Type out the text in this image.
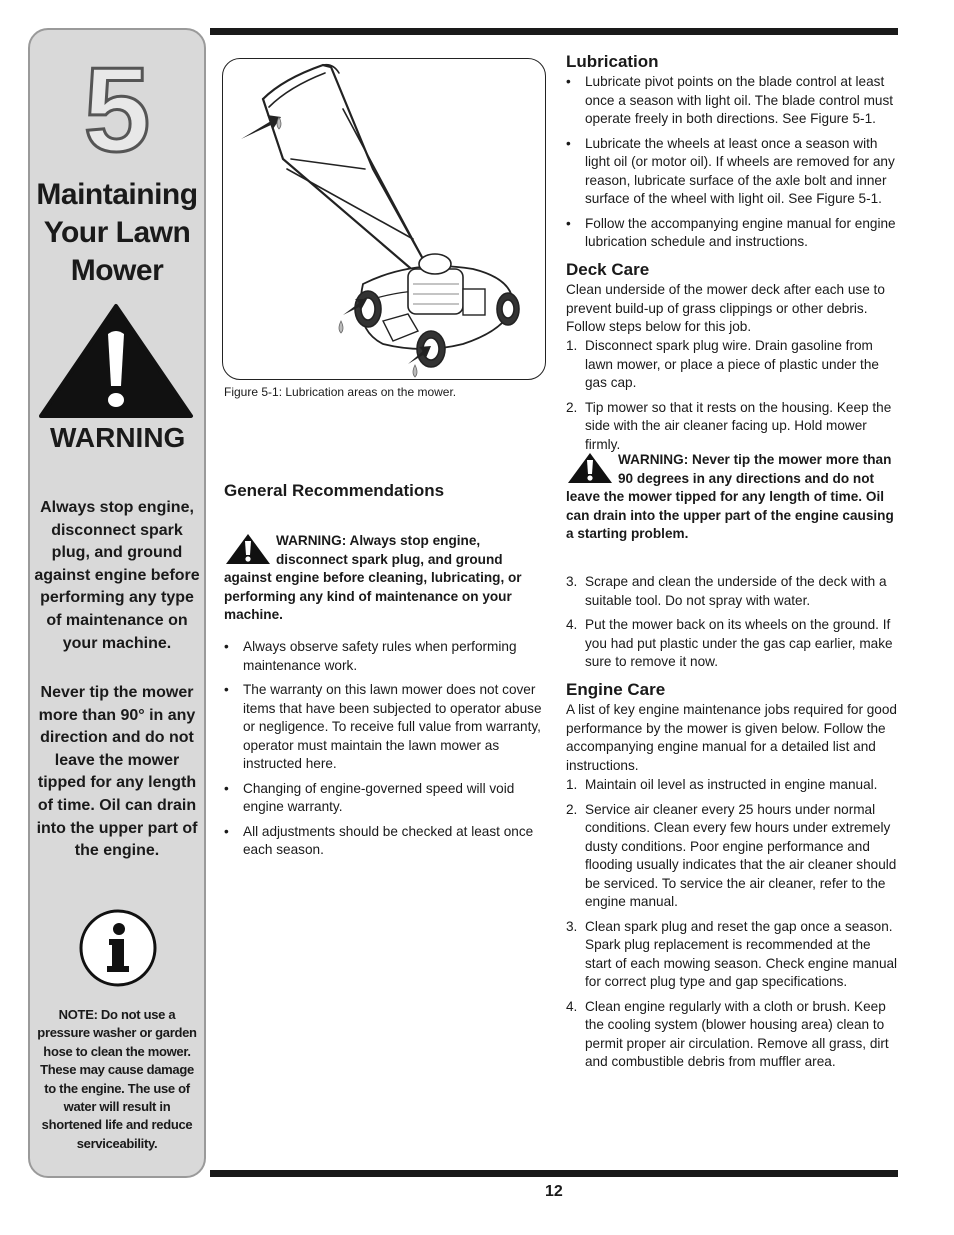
5
Maintaining
Your Lawn
Mower
WARNING
Always stop engine, disconnect spark plug, and ground against engine before performing any type of maintenance on your machine.
Never tip the mower more than 90° in any direction and do not leave the mower tipped for any length of time. Oil can drain into the upper part of the engine.
NOTE: Do not use a pressure washer or garden hose to clean the mower. These may cause damage to the engine. The use of water will result in shortened life and reduce serviceability.
Figure 5-1: Lubrication areas on the mower.
General Recommendations
WARNING: Always stop engine, disconnect spark plug, and ground against engine before cleaning, lubricating, or performing any kind of maintenance on your machine.
• Always observe safety rules when performing maintenance work.
• The warranty on this lawn mower does not cover items that have been subjected to operator abuse or negligence. To receive full value from warranty, operator must maintain the lawn mower as instructed here.
• Changing of engine-governed speed will void engine warranty.
• All adjustments should be checked at least once each season.
Lubrication
• Lubricate pivot points on the blade control at least once a season with light oil. The blade control must operate freely in both directions. See Figure 5-1.
• Lubricate the wheels at least once a season with light oil (or motor oil). If wheels are removed for any reason, lubricate surface of the axle bolt and inner surface of the wheel with light oil. See Figure 5-1.
• Follow the accompanying engine manual for engine lubrication schedule and instructions.
Deck Care
Clean underside of the mower deck after each use to prevent build-up of grass clippings or other debris. Follow steps below for this job.
1. Disconnect spark plug wire. Drain gasoline from lawn mower, or place a piece of plastic under the gas cap.
2. Tip mower so that it rests on the housing. Keep the side with the air cleaner facing up. Hold mower firmly.
WARNING: Never tip the mower more than 90 degrees in any directions and do not leave the mower tipped for any length of time. Oil can drain into the upper part of the engine causing a starting problem.
3. Scrape and clean the underside of the deck with a suitable tool. Do not spray with water.
4. Put the mower back on its wheels on the ground. If you had put plastic under the gas cap earlier, make sure to remove it now.
Engine Care
A list of key engine maintenance jobs required for good performance by the mower is given below. Follow the accompanying engine manual for a detailed list and instructions.
1. Maintain oil level as instructed in engine manual.
2. Service air cleaner every 25 hours under normal conditions. Clean every few hours under extremely dusty conditions. Poor engine performance and flooding usually indicates that the air cleaner should be serviced. To service the air cleaner, refer to the engine manual.
3. Clean spark plug and reset the gap once a season. Spark plug replacement is recommended at the start of each mowing season. Check engine manual for correct plug type and gap specifications.
4. Clean engine regularly with a cloth or brush. Keep the cooling system (blower housing area) clean to permit proper air circulation. Remove all grass, dirt and combustible debris from muffler area.
12
